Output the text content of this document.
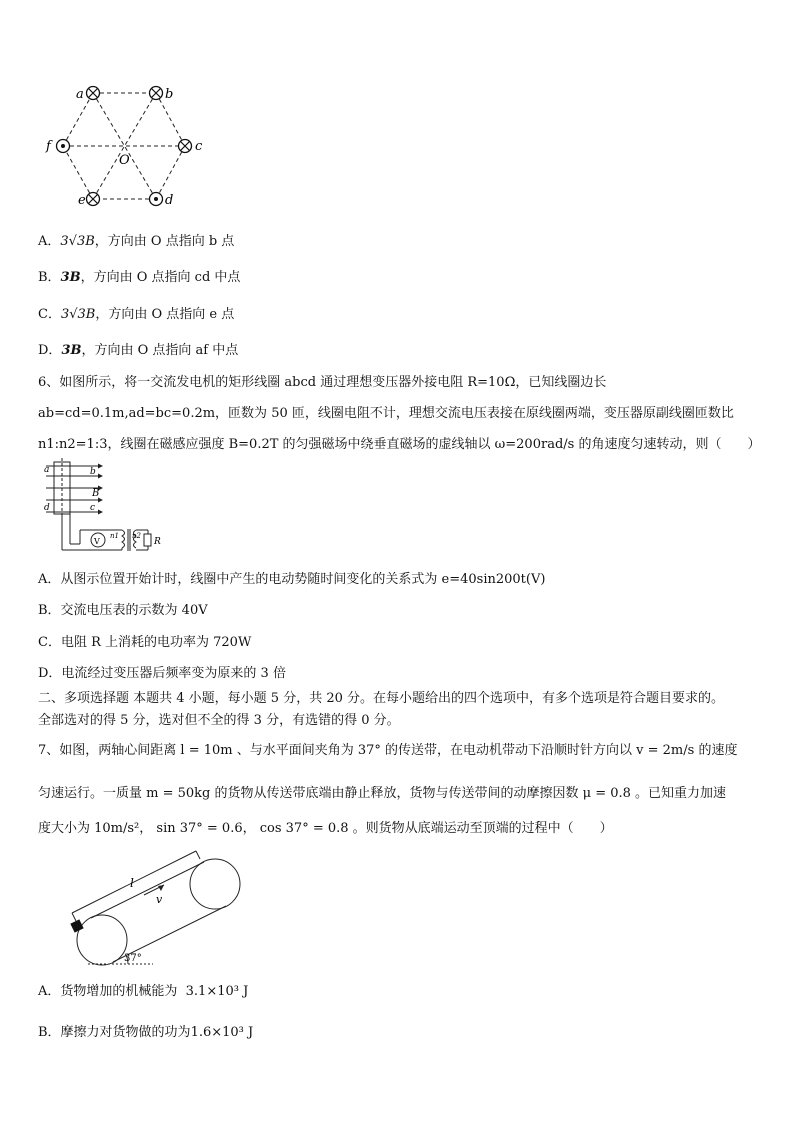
a	b
c
d
e
f
O
A．3√3B，方向由 O 点指向 b 点
B．3B，方向由 O 点指向 cd 中点
C．3√3B，方向由 O 点指向 e 点
D．3B，方向由 O 点指向 af 中点
6、如图所示，将一交流发电机的矩形线圈 abcd 通过理想变压器外接电阻 R=10Ω，已知线圈边长
ab=cd=0.1m,ad=bc=0.2m，匝数为 50 匝，线圈电阻不计，理想交流电压表接在原线圈两端，变压器原副线圈匝数比
n1:n2=1:3，线圈在磁感应强度 B=0.2T 的匀强磁场中绕垂直磁场的虚线轴以 ω=200rad/s 的角速度匀速转动，则（　　）
a	b
B
d	c
V
n1 n2
R
A．从图示位置开始计时，线圈中产生的电动势随时间变化的关系式为 e=40sin200t(V)
B．交流电压表的示数为 40V
C．电阻 R 上消耗的电功率为 720W
D．电流经过变压器后频率变为原来的 3 倍
二、多项选择题 本题共 4 小题，每小题 5 分，共 20 分。在每小题给出的四个选项中，有多个选项是符合题目要求的。
全部选对的得 5 分，选对但不全的得 3 分，有选错的得 0 分。
7、如图，两轴心间距离 l = 10m 、与水平面间夹角为 37° 的传送带，在电动机带动下沿顺时针方向以 v = 2m/s 的速度
匀速运行。一质量 m = 50kg 的货物从传送带底端由静止释放，货物与传送带间的动摩擦因数 μ = 0.8 。已知重力加速
度大小为 10m/s²， sin 37° = 0.6， cos 37° = 0.8 。则货物从底端运动至顶端的过程中（　　）
l
v
37°
A．货物增加的机械能为 3.1×10³ J
B．摩擦力对货物做的功为1.6×10³ J
